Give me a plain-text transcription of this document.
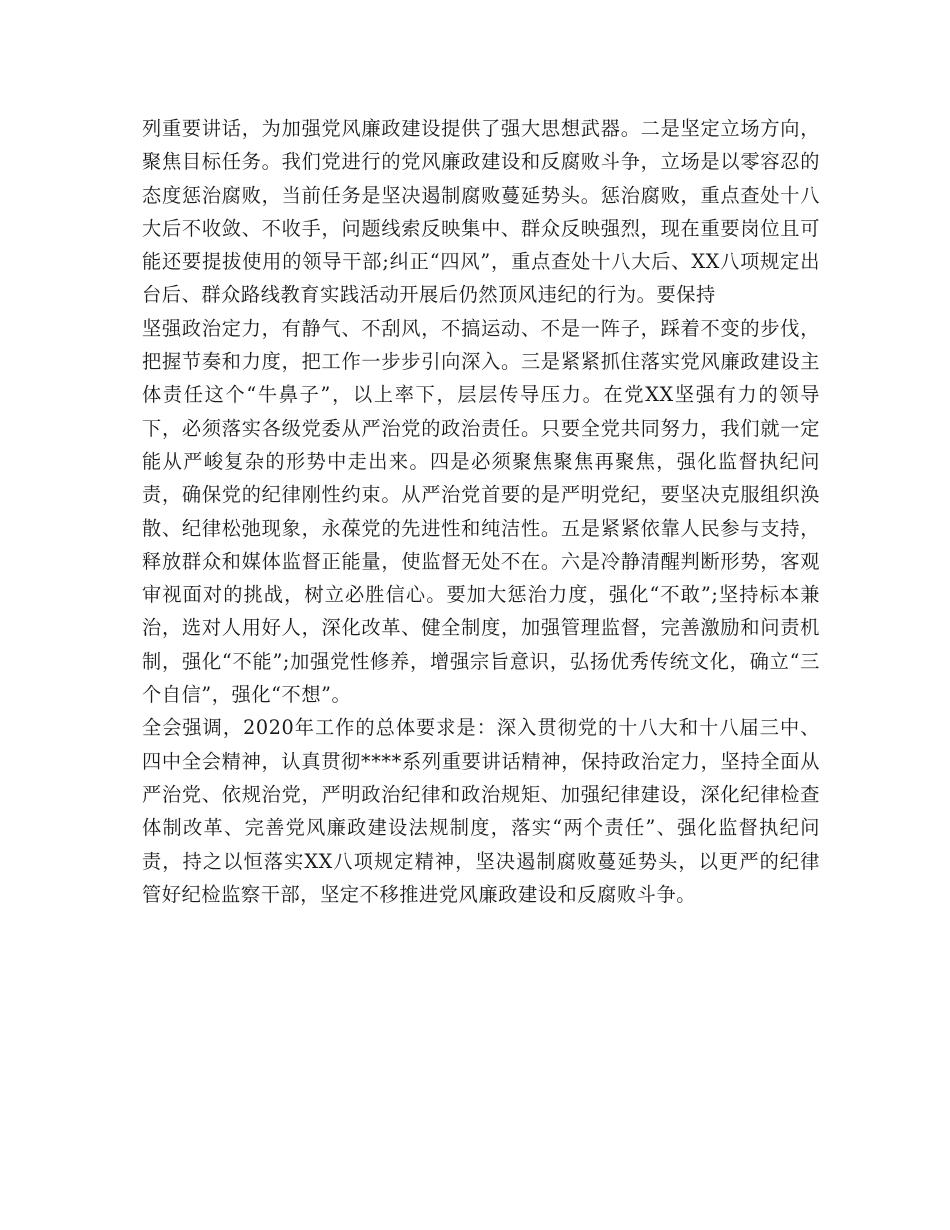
列重要讲话，为加强党风廉政建设提供了强大思想武器。二是坚定立场方向，聚焦目标任务。我们党进行的党风廉政建设和反腐败斗争，立场是以零容忍的态度惩治腐败，当前任务是坚决遏制腐败蔓延势头。惩治腐败，重点查处十八大后不收敛、不收手，问题线索反映集中、群众反映强烈，现在重要岗位且可能还要提拔使用的领导干部;纠正“四风”，重点查处十八大后、XX八项规定出台后、群众路线教育实践活动开展后仍然顶风违纪的行为。要保持

坚强政治定力，有静气、不刮风，不搞运动、不是一阵子，踩着不变的步伐，把握节奏和力度，把工作一步步引向深入。三是紧紧抓住落实党风廉政建设主体责任这个“牛鼻子”，以上率下，层层传导压力。在党XX坚强有力的领导下，必须落实各级党委从严治党的政治责任。只要全党共同努力，我们就一定能从严峻复杂的形势中走出来。四是必须聚焦聚焦再聚焦，强化监督执纪问责，确保党的纪律刚性约束。从严治党首要的是严明党纪，要坚决克服组织涣散、纪律松弛现象，永葆党的先进性和纯洁性。五是紧紧依靠人民参与支持，释放群众和媒体监督正能量，使监督无处不在。六是冷静清醒判断形势，客观审视面对的挑战，树立必胜信心。要加大惩治力度，强化“不敢”;坚持标本兼治，选对人用好人，深化改革、健全制度，加强管理监督，完善激励和问责机制，强化“不能”;加强党性修养，增强宗旨意识，弘扬优秀传统文化，确立“三个自信”，强化“不想”。

全会强调，2020年工作的总体要求是：深入贯彻党的十八大和十八届三中、四中全会精神，认真贯彻****系列重要讲话精神，保持政治定力，坚持全面从严治党、依规治党，严明政治纪律和政治规矩、加强纪律建设，深化纪律检查体制改革、完善党风廉政建设法规制度，落实“两个责任”、强化监督执纪问责，持之以恒落实XX八项规定精神，坚决遏制腐败蔓延势头，以更严的纪律管好纪检监察干部，坚定不移推进党风廉政建设和反腐败斗争。
